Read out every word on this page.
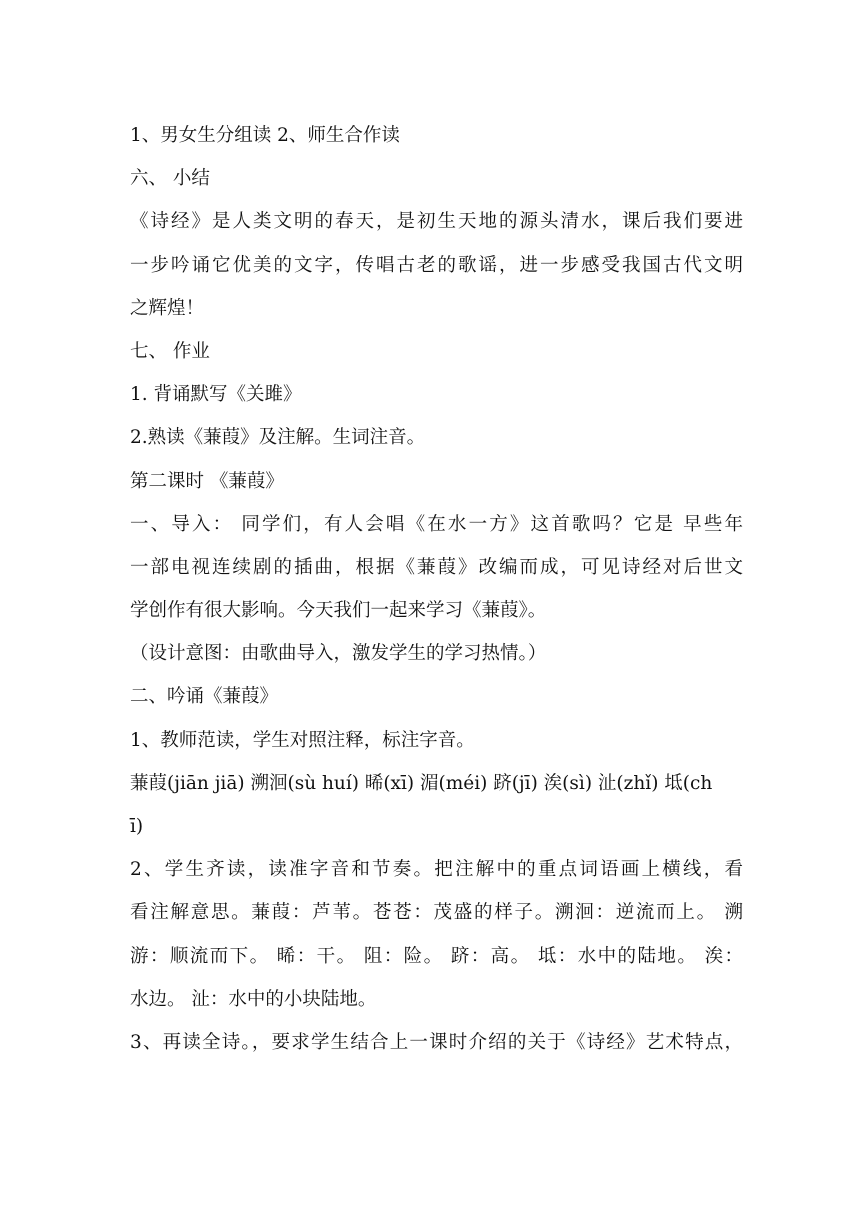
1、男女生分组读 2、师生合作读
六、 小结
《诗经》是人类文明的春天，是初生天地的源头清水，课后我们要进
一步吟诵它优美的文字，传唱古老的歌谣，进一步感受我国古代文明
之辉煌！
七、 作业
1. 背诵默写《关雎》
2.熟读《蒹葭》及注解。生词注音。
第二课时 《蒹葭》
一、导入： 同学们，有人会唱《在水一方》这首歌吗？它是 早些年
一部电视连续剧的插曲，根据《蒹葭》改编而成，可见诗经对后世文
学创作有很大影响。今天我们一起来学习《蒹葭》。
（设计意图：由歌曲导入，激发学生的学习热情。）
二、吟诵《蒹葭》
1、教师范读，学生对照注释，标注字音。
蒹葭(jiān jiā) 溯洄(sù huí) 晞(xī) 湄(méi) 跻(jī) 涘(sì) 沚(zhǐ) 坻(ch
ī)
2、学生齐读，读准字音和节奏。把注解中的重点词语画上横线，看
看注解意思。蒹葭：芦苇。苍苍：茂盛的样子。溯洄：逆流而上。 溯
游：顺流而下。 晞：干。 阻：险。 跻：高。 坻：水中的陆地。 涘：
水边。 沚：水中的小块陆地。
3、再读全诗。，要求学生结合上一课时介绍的关于《诗经》艺术特点，
